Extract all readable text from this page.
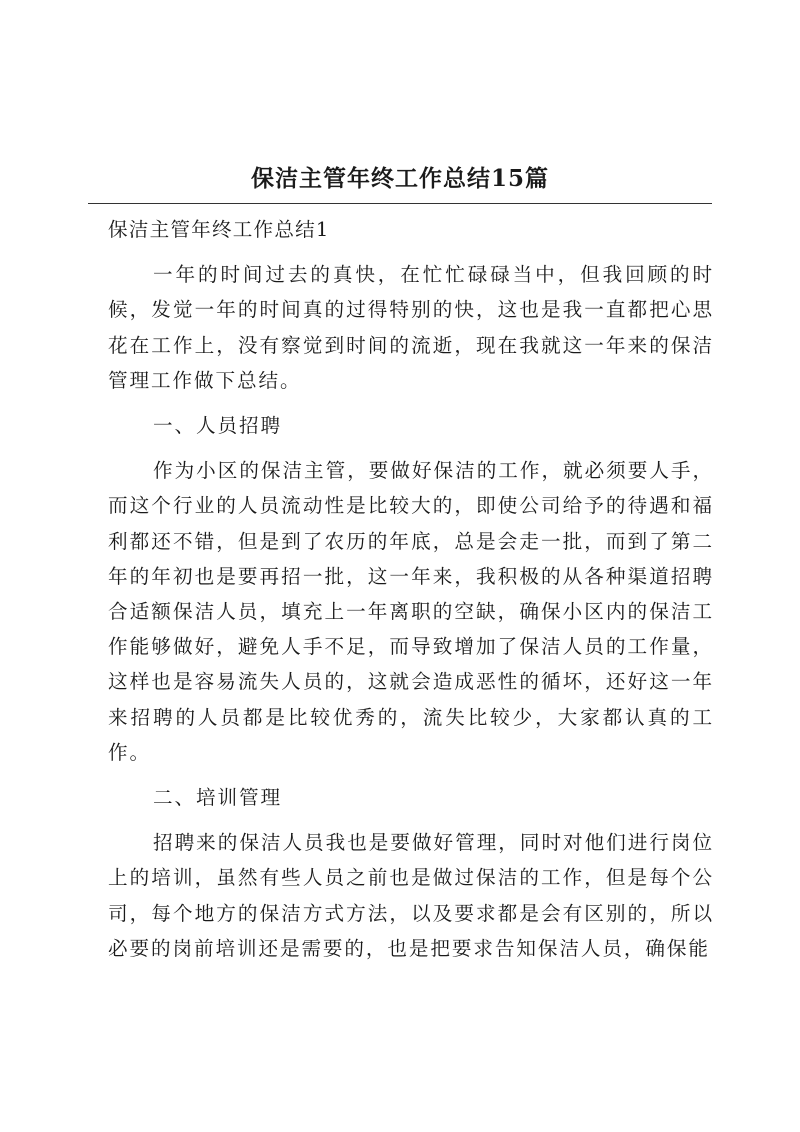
保洁主管年终工作总结15篇

保洁主管年终工作总结1

一年的时间过去的真快，在忙忙碌碌当中，但我回顾的时候，发觉一年的时间真的过得特别的快，这也是我一直都把心思花在工作上，没有察觉到时间的流逝，现在我就这一年来的保洁管理工作做下总结。

一、人员招聘

作为小区的保洁主管，要做好保洁的工作，就必须要人手，而这个行业的人员流动性是比较大的，即使公司给予的待遇和福利都还不错，但是到了农历的年底，总是会走一批，而到了第二年的年初也是要再招一批，这一年来，我积极的从各种渠道招聘合适额保洁人员，填充上一年离职的空缺，确保小区内的保洁工作能够做好，避免人手不足，而导致增加了保洁人员的工作量，这样也是容易流失人员的，这就会造成恶性的循坏，还好这一年来招聘的人员都是比较优秀的，流失比较少，大家都认真的工作。

二、培训管理

招聘来的保洁人员我也是要做好管理，同时对他们进行岗位上的培训，虽然有些人员之前也是做过保洁的工作，但是每个公司，每个地方的保洁方式方法，以及要求都是会有区别的，所以必要的岗前培训还是需要的，也是把要求告知保洁人员，确保能
